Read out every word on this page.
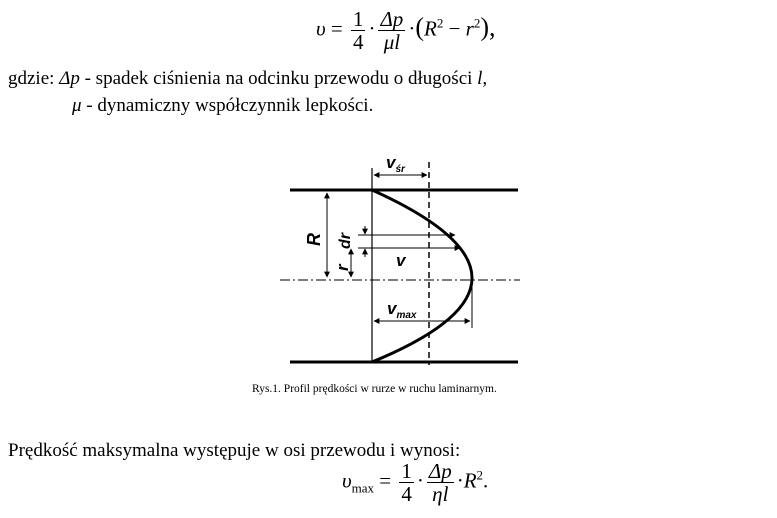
$\upsilon = \frac{1}{4} \cdot \frac{\Delta p}{\mu l} \cdot(R^2 - r^2)$,
gdzie: Δp - spadek ciśnienia na odcinku przewodu o długości l,
μ - dynamiczny współczynnik lepkości.
$v_{śr}$
R
r
dr
v
$v_{max}$
Rys.1. Profil prędkości w rurze w ruchu laminarnym.
Prędkość maksymalna występuje w osi przewodu i wynosi:
$\upsilon_{max} = \frac{1}{4} \cdot \frac{\Delta p}{\eta l} \cdot R^2$.
